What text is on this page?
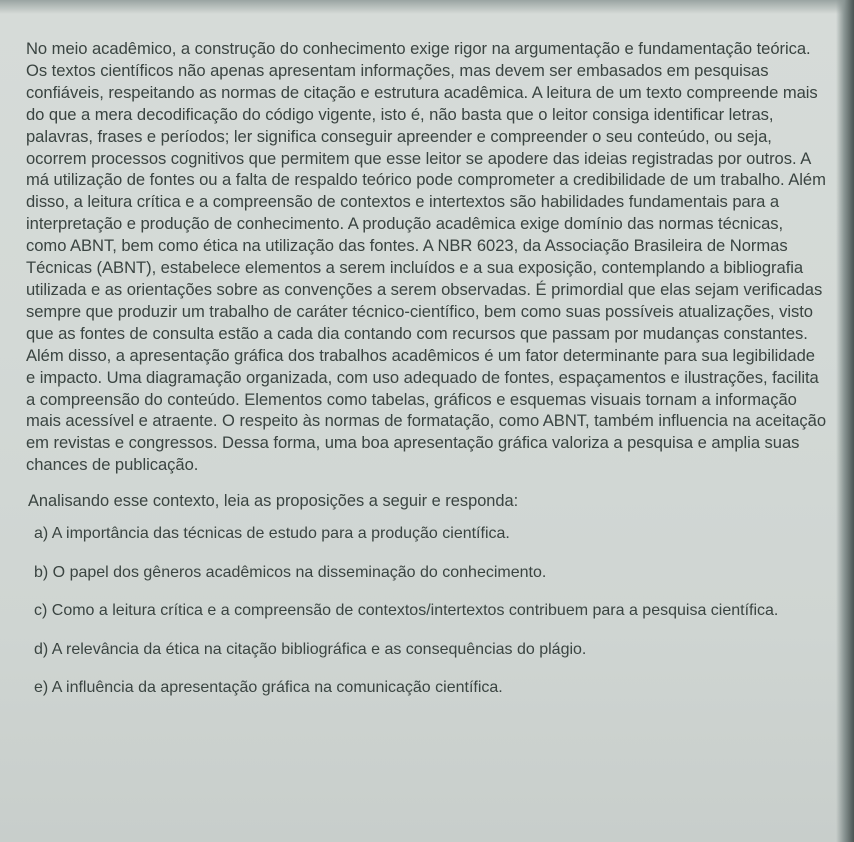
No meio acadêmico, a construção do conhecimento exige rigor na argumentação e fundamentação teórica. Os textos científicos não apenas apresentam informações, mas devem ser embasados em pesquisas confiáveis, respeitando as normas de citação e estrutura acadêmica. A leitura de um texto compreende mais do que a mera decodificação do código vigente, isto é, não basta que o leitor consiga identificar letras, palavras, frases e períodos; ler significa conseguir apreender e compreender o seu conteúdo, ou seja, ocorrem processos cognitivos que permitem que esse leitor se apodere das ideias registradas por outros. A má utilização de fontes ou a falta de respaldo teórico pode comprometer a credibilidade de um trabalho. Além disso, a leitura crítica e a compreensão de contextos e intertextos são habilidades fundamentais para a interpretação e produção de conhecimento. A produção acadêmica exige domínio das normas técnicas, como ABNT, bem como ética na utilização das fontes. A NBR 6023, da Associação Brasileira de Normas Técnicas (ABNT), estabelece elementos a serem incluídos e a sua exposição, contemplando a bibliografia utilizada e as orientações sobre as convenções a serem observadas. É primordial que elas sejam verificadas sempre que produzir um trabalho de caráter técnico-científico, bem como suas possíveis atualizações, visto que as fontes de consulta estão a cada dia contando com recursos que passam por mudanças constantes. Além disso, a apresentação gráfica dos trabalhos acadêmicos é um fator determinante para sua legibilidade e impacto. Uma diagramação organizada, com uso adequado de fontes, espaçamentos e ilustrações, facilita a compreensão do conteúdo. Elementos como tabelas, gráficos e esquemas visuais tornam a informação mais acessível e atraente. O respeito às normas de formatação, como ABNT, também influencia na aceitação em revistas e congressos. Dessa forma, uma boa apresentação gráfica valoriza a pesquisa e amplia suas chances de publicação.

Analisando esse contexto, leia as proposições a seguir e responda:

a) A importância das técnicas de estudo para a produção científica.
b) O papel dos gêneros acadêmicos na disseminação do conhecimento.
c) Como a leitura crítica e a compreensão de contextos/intertextos contribuem para a pesquisa científica.
d) A relevância da ética na citação bibliográfica e as consequências do plágio.
e) A influência da apresentação gráfica na comunicação científica.
